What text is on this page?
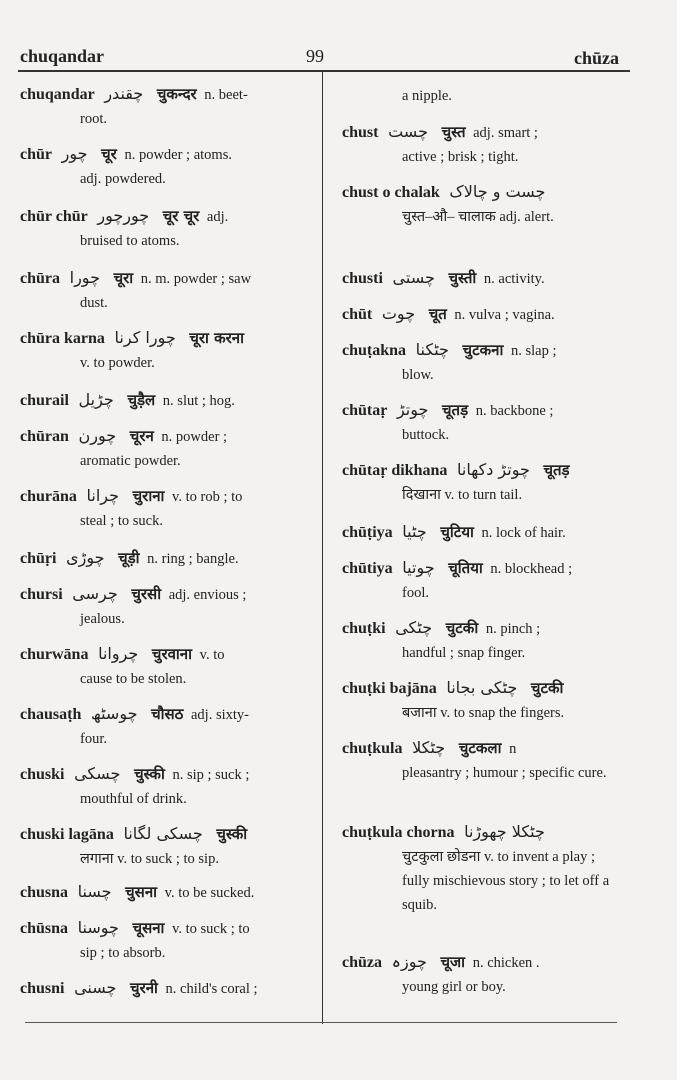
chuqandar	99	chūza
chuqandar چقندر चुकन्दर n. beet-
root.
chūr چور चूर n. powder ; atoms.
adj. powdered.
chūr chūr چورچور चूर चूर adj.
bruised to atoms.
chūra چورا चूरा n. m. powder ; saw
dust.
chūra karna چورا کرنا चूरा करना
v. to powder.
churail چڑیل चुड़ैल n. slut ; hog.
chūran چورن चूरन n. powder ;
aromatic powder.
churāna چرانا चुराना v. to rob ; to
steal ; to suck.
chūṛi چوڑی चूड़ी n. ring ; bangle.
chursi چرسی चुरसी adj. envious ;
jealous.
churwāna چروانا चुरवाना v. to
cause to be stolen.
chausaṭh چوسٹھ चौसठ adj. sixty-
four.
chuski چسکی चुस्की n. sip ; suck ;
mouthful of drink.
chuski lagāna چسکی لگانا चुस्की
लगाना v. to suck ; to sip.
chusna چسنا चुसना v. to be sucked.
chūsna چوسنا चूसना v. to suck ; to
sip ; to absorb.
chusni چسنی चुरनी n. child's coral ;
a nipple.
chust چست चुस्त adj. smart ;
active ; brisk ; tight.
chust o chalak چست و چالاک
चुस्त–औ– चालाक adj. alert.
chusti چستی चुस्ती n. activity.
chūt چوت चूत n. vulva ; vagina.
chuṭakna چٹکنا चुटकना n. slap ;
blow.
chūtaṛ چوتڑ चूतड़ n. backbone ;
buttock.
chūtaṛ dikhana چوتڑ دکھانا चूतड़
दिखाना v. to turn tail.
chūṭiya چٹیا चुटिया n. lock of hair.
chūtiya چوتیا चूतिया n. blockhead ;
fool.
chuṭki چٹکی चुटकी n. pinch ;
handful ; snap finger.
chuṭki bajāna چٹکی بجانا चुटकी
बजाना v. to snap the fingers.
chuṭkula چٹکلا चुटकला n
pleasantry ; humour ; specific cure.
chuṭkula chorna چٹکلا چھوڑنا
चुटकुला छोडना v. to invent a play ; fully mischievous story ; to let off a squib.
chūza چوزہ चूजा n. chicken .
young girl or boy.
